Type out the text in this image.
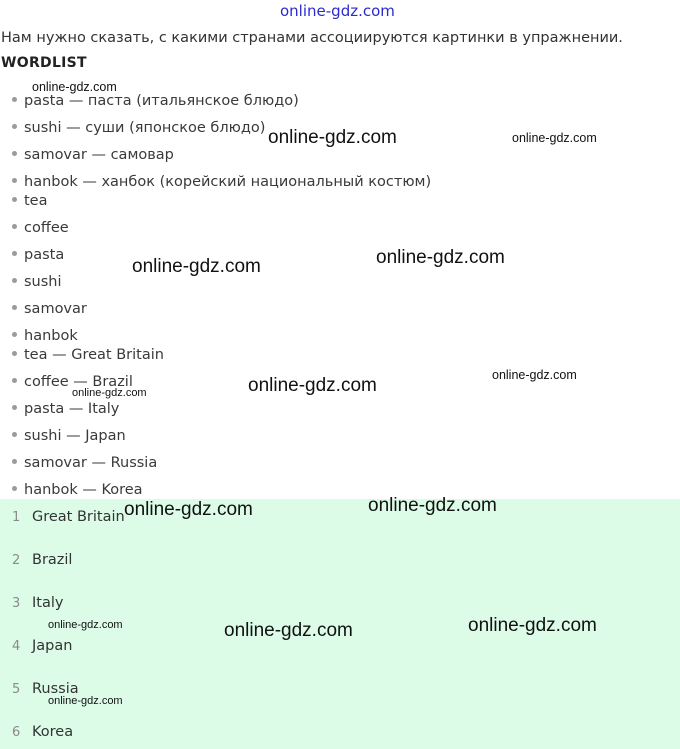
online-gdz.com
Нам нужно сказать, с какими странами ассоциируются картинки в упражнении.
WORDLIST
pasta — паста (итальянское блюдо)
sushi — суши (японское блюдо)
samovar — самовар
hanbok — ханбок (корейский национальный костюм)
tea
coffee
pasta
sushi
samovar
hanbok
tea — Great Britain
coffee — Brazil
pasta — Italy
sushi — Japan
samovar — Russia
hanbok — Korea
1 Great Britain
2 Brazil
3 Italy
4 Japan
5 Russia
6 Korea
online-gdz.com
online-gdz.com	online-gdz.com
online-gdz.com	online-gdz.com
online-gdz.com	online-gdz.com
online-gdz.com
online-gdz.com	online-gdz.com
online-gdz.com	online-gdz.com	online-gdz.com
online-gdz.com
